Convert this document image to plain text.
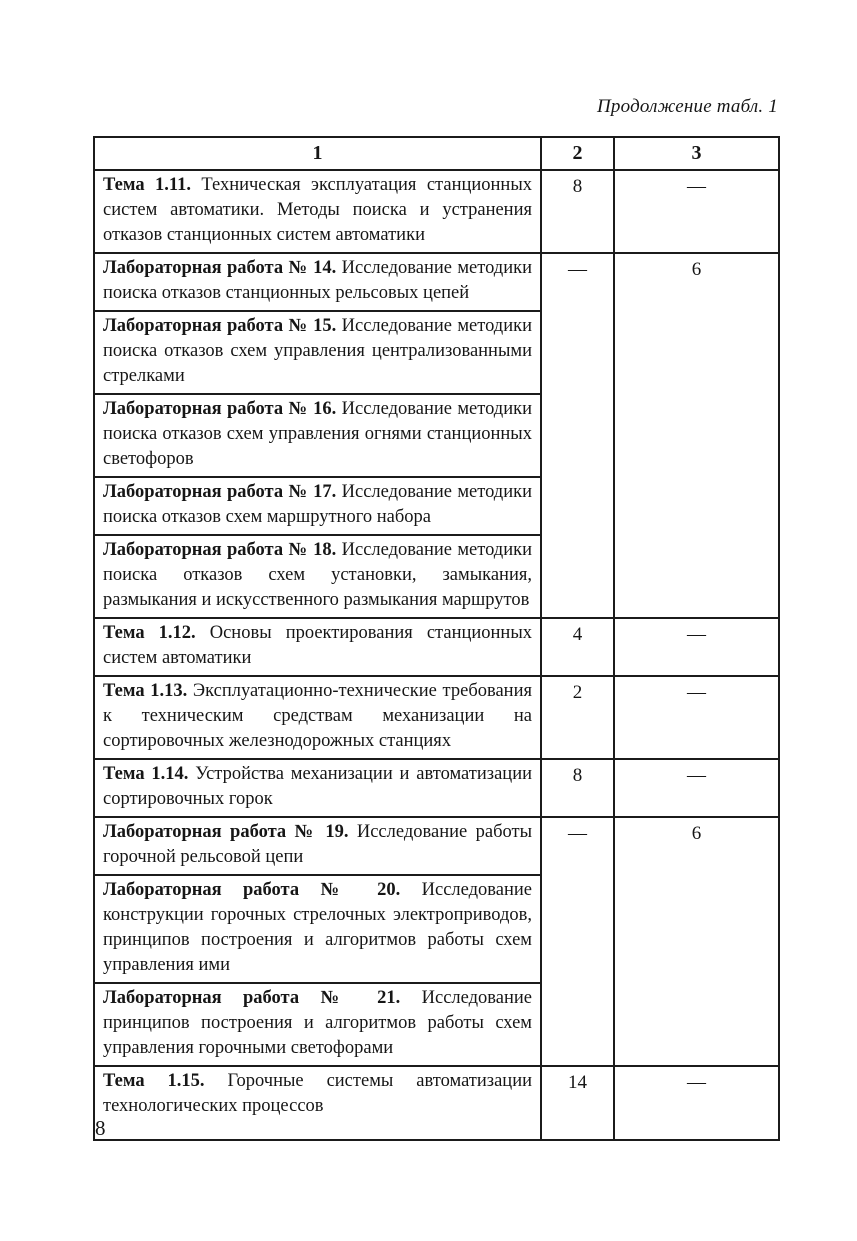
Продолжение табл. 1
1	2	3
Тема 1.11. Техническая эксплуатация станционных систем автоматики. Методы поиска и устранения отказов станционных систем автоматики	8	—
Лабораторная работа № 14. Исследование методики поиска отказов станционных рельсовых цепей	—	6
Лабораторная работа № 15. Исследование методики поиска отказов схем управления централизованными стрелками		
Лабораторная работа № 16. Исследование методики поиска отказов схем управления огнями станционных светофоров		
Лабораторная работа № 17. Исследование методики поиска отказов схем маршрутного набора		
Лабораторная работа № 18. Исследование методики поиска отказов схем установки, замыкания, размыкания и искусственного размыкания маршрутов		
Тема 1.12. Основы проектирования станционных систем автоматики	4	—
Тема 1.13. Эксплуатационно-технические требования к техническим средствам механизации на сортировочных железнодорожных станциях	2	—
Тема 1.14. Устройства механизации и автоматизации сортировочных горок	8	—
Лабораторная работа № 19. Исследование работы горочной рельсовой цепи	—	6
Лабораторная работа № 20. Исследование конструкции горочных стрелочных электроприводов, принципов построения и алгоритмов работы схем управления ими		
Лабораторная работа № 21. Исследование принципов построения и алгоритмов работы схем управления горочными светофорами		
Тема 1.15. Горочные системы автоматизации технологических процессов	14	—
8
